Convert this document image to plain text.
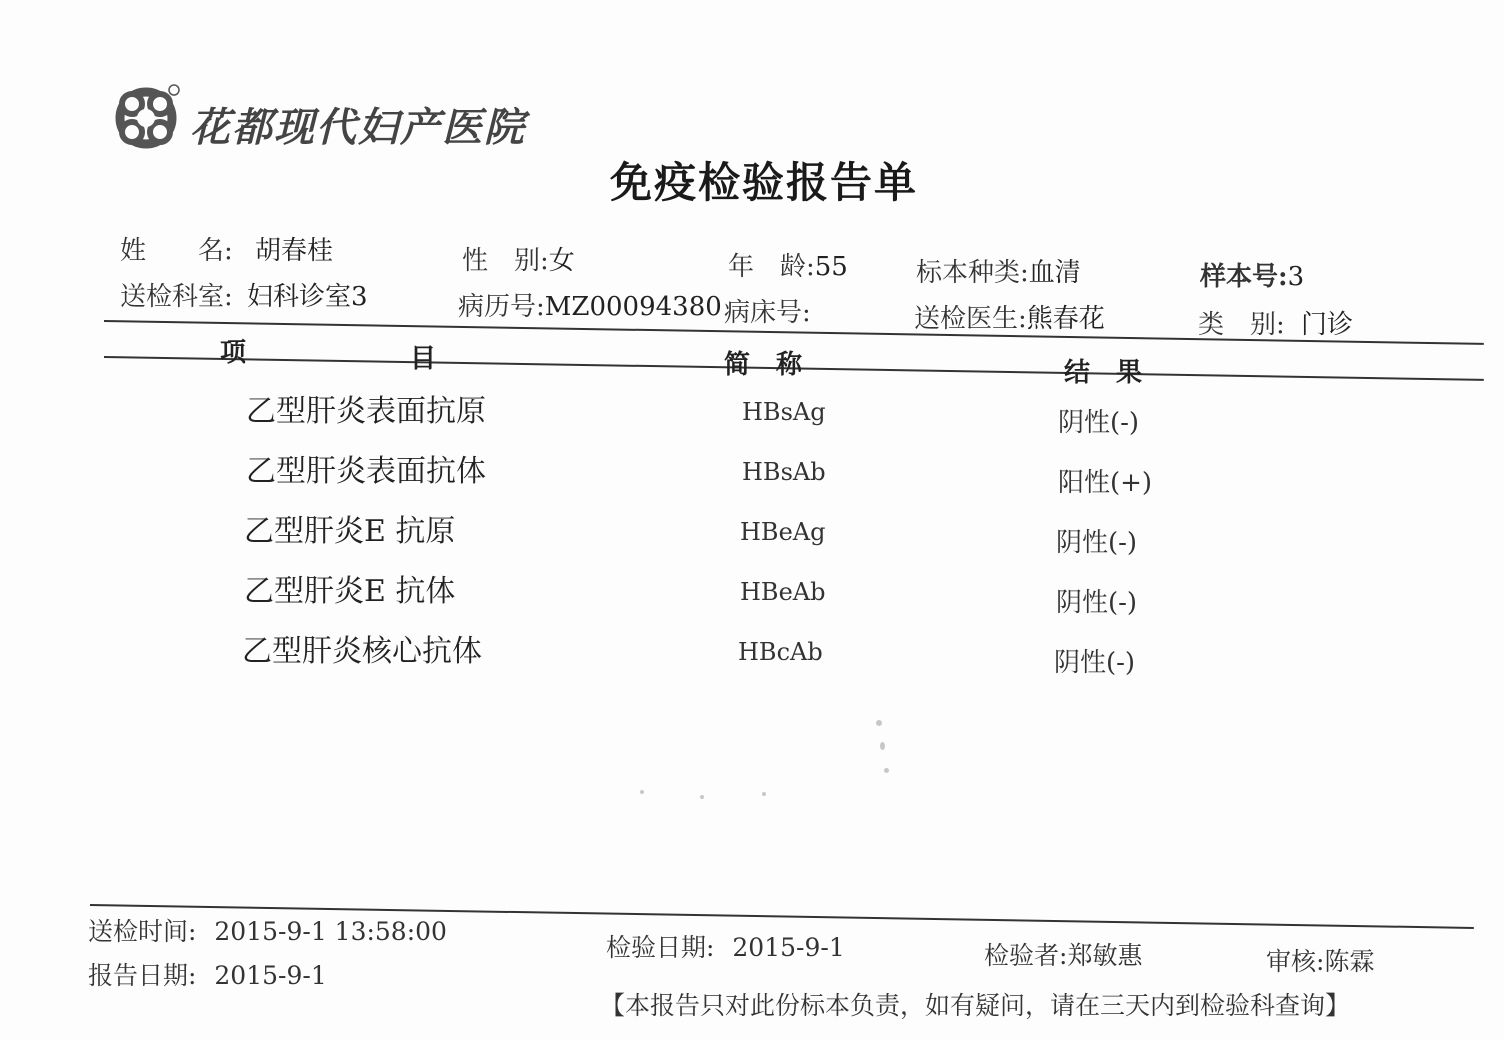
花都现代妇产医院
免疫检验报告单
姓　　名: 胡春桂	性　别:女	年　龄:55	标本种类:血清	样本号:3
送检科室: 妇科诊室3	病历号:MZ00094380 病床号:	送检医生:熊春花	类　别: 门诊
项	目	简　称	结　果
乙型肝炎表面抗原	HBsAg	阴性(-)
乙型肝炎表面抗体	HBsAb	阳性(+)
乙型肝炎E 抗原	HBeAg	阴性(-)
乙型肝炎E 抗体	HBeAb	阴性(-)
乙型肝炎核心抗体	HBcAb	阴性(-)
送检时间: 2015-9-1 13:58:00
报告日期: 2015-9-1
检验日期: 2015-9-1	检验者:郑敏惠	审核:陈霖
【本报告只对此份标本负责，如有疑问，请在三天内到检验科查询】
